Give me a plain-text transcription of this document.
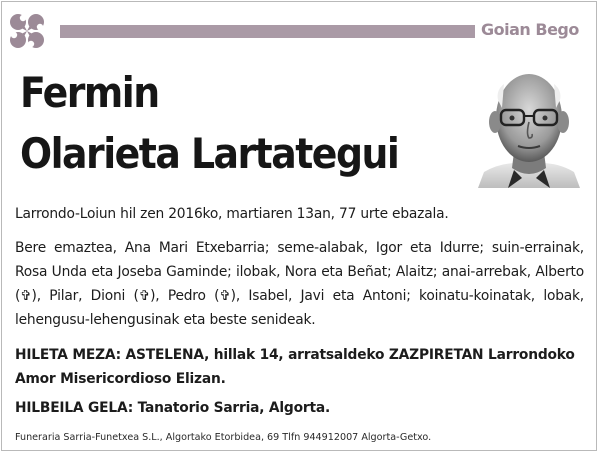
Goian Bego
Fermin
Olarieta Lartategui
Larrondo-Loiun hil zen 2016ko, martiaren 13an, 77 urte ebazala.
Bere emaztea, Ana Mari Etxebarria; seme-alabak, Igor eta Idurre; suin-errainak, Rosa Unda eta Joseba Gaminde; ilobak, Nora eta Beñat; Alaitz; anai-arrebak, Alberto (✞), Pilar, Dioni (✞), Pedro (✞), Isabel, Javi eta Antoni; koinatu-koinatak, lobak, lehengusu-lehengusinak eta beste senideak.
HILETA MEZA: ASTELENA, hillak 14, arratsaldeko ZAZPIRETAN Larrondoko Amor Misericordioso Elizan.
HILBEILA GELA: Tanatorio Sarria, Algorta.
Funeraria Sarria-Funetxea S.L., Algortako Etorbidea, 69 Tlfn 944912007 Algorta-Getxo.
